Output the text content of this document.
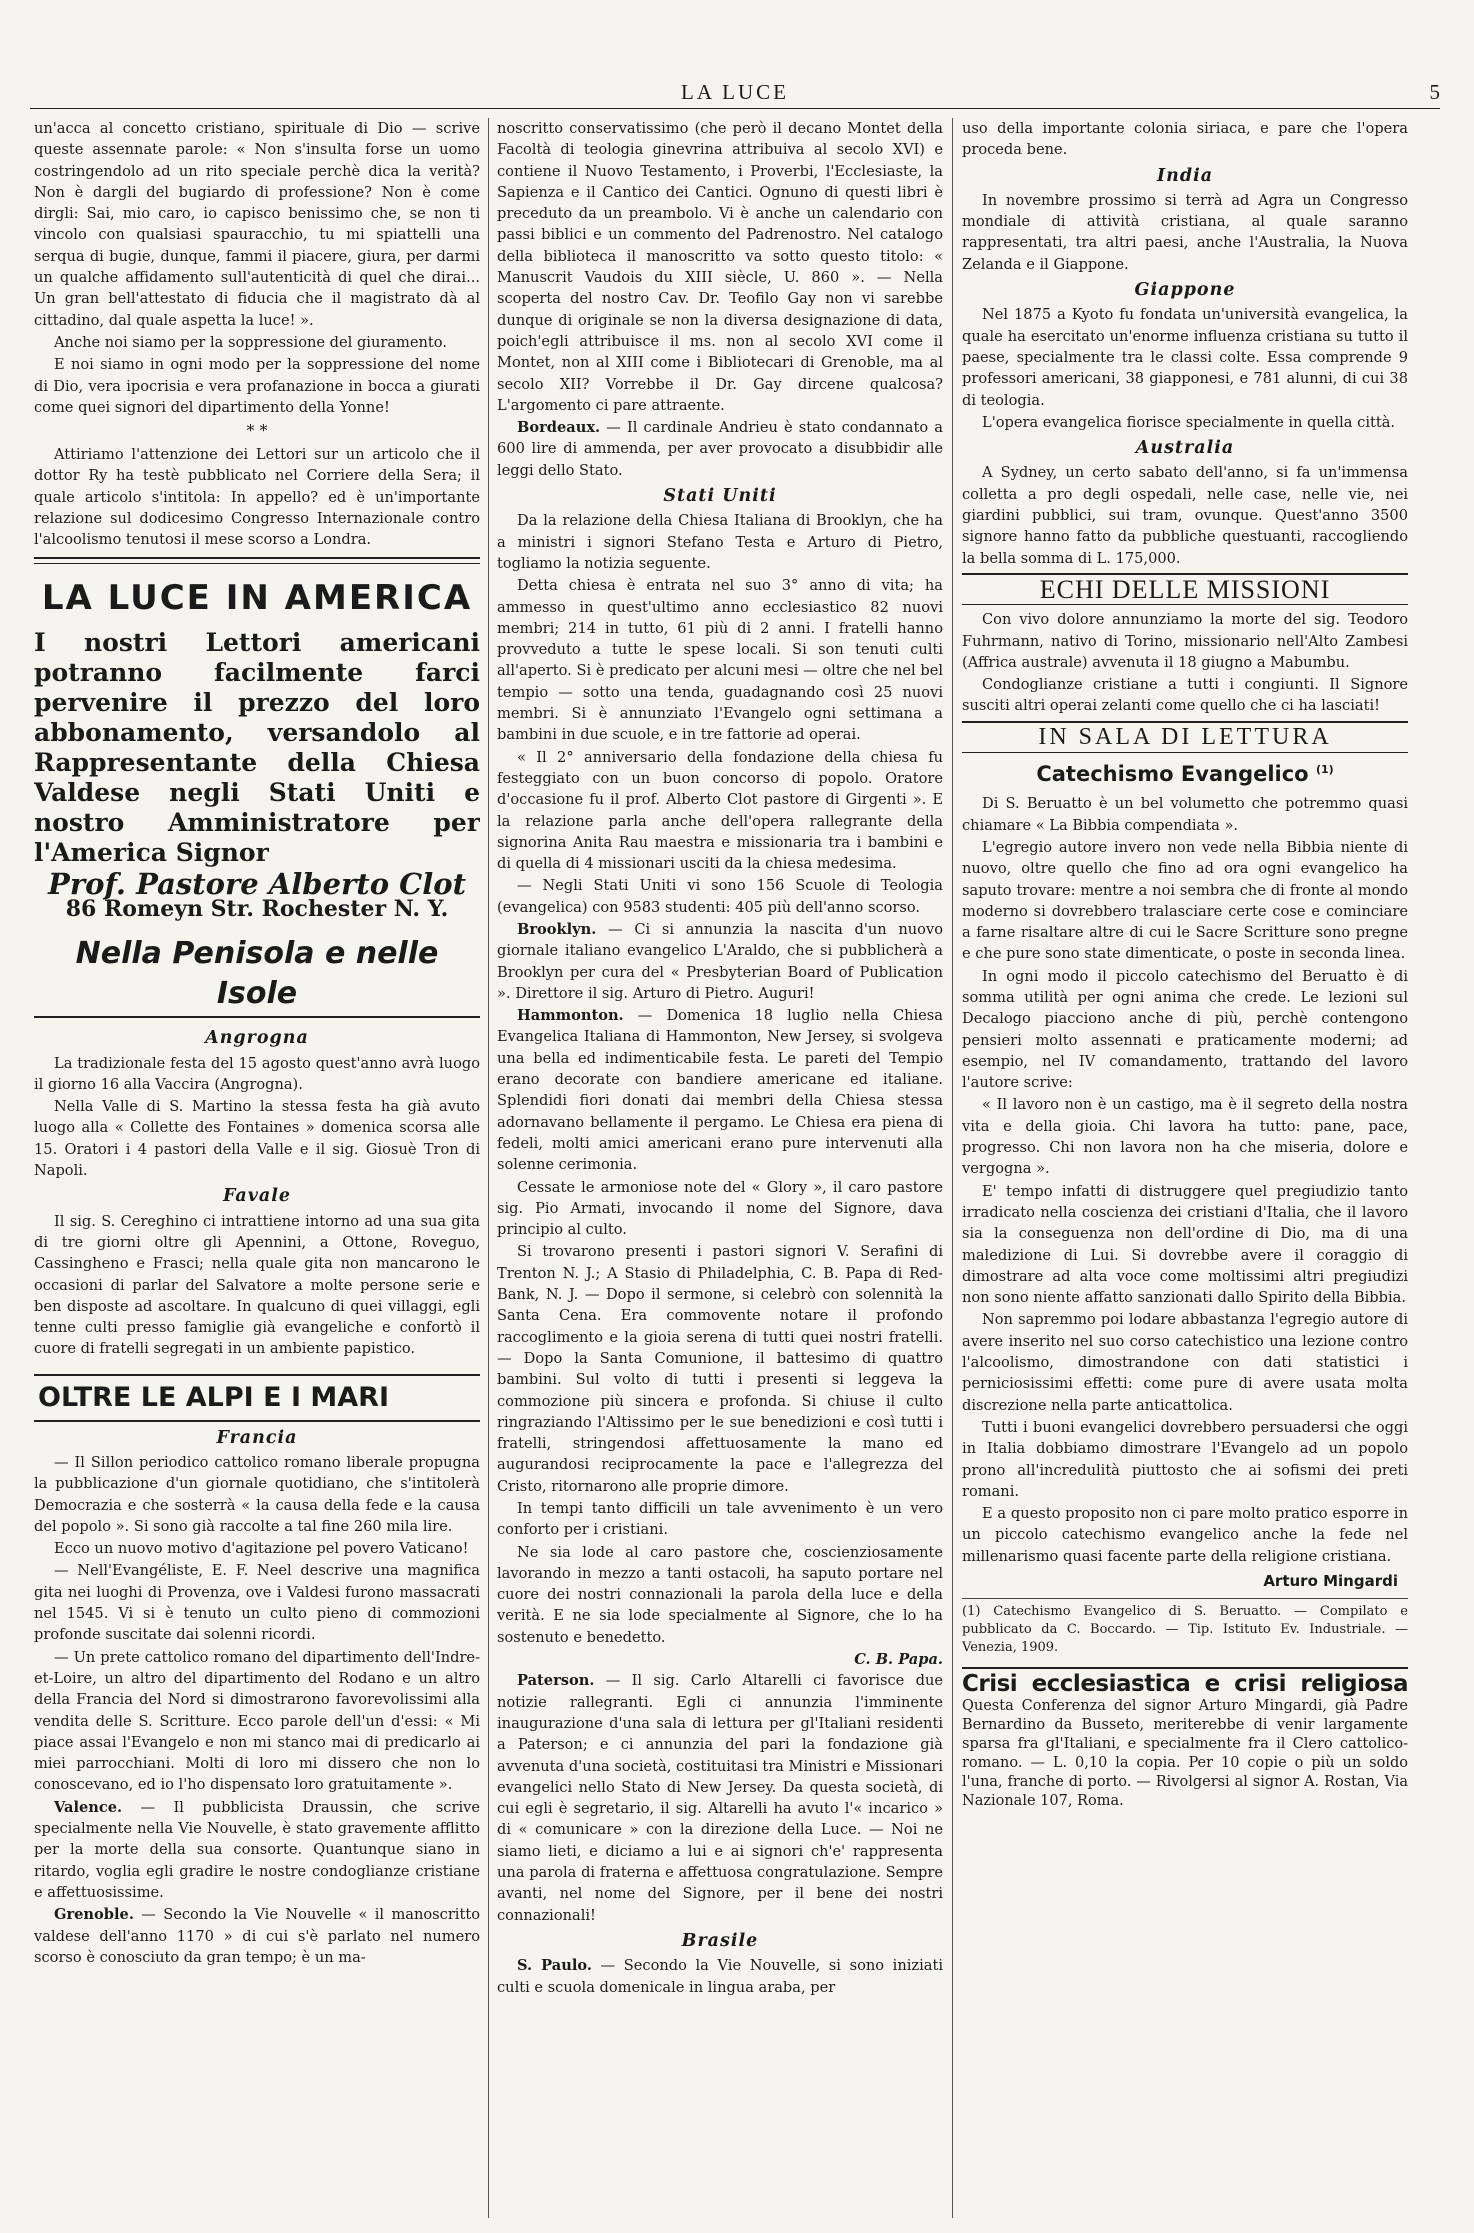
LA LUCE	5

un'acca al concetto cristiano, spirituale di Dio — scrive queste assennate parole: « Non s'insulta forse un uomo costringendolo ad un rito speciale perchè dica la verità? Non è dargli del bugiardo di professione? Non è come dirgli: Sai, mio caro, io capisco benissimo che, se non ti vincolo con qualsiasi spauracchio, tu mi spiattelli una serqua di bugie, dunque, fammi il piacere, giura, per darmi un qualche affidamento sull'autenticità di quel che dirai... Un gran bell'attestato di fiducia che il magistrato dà al cittadino, dal quale aspetta la luce! ».

Anche noi siamo per la soppressione del giuramento.

E noi siamo in ogni modo per la soppressione del nome di Dio, vera ipocrisia e vera profanazione in bocca a giurati come quei signori del dipartimento della Yonne!

* *

Attiriamo l'attenzione dei Lettori sur un articolo che il dottor Ry ha testè pubblicato nel Corriere della Sera; il quale articolo s'intitola: In appello? ed è un'importante relazione sul dodicesimo Congresso Internazionale contro l'alcoolismo tenutosi il mese scorso a Londra.

LA LUCE IN AMERICA
I nostri Lettori americani potranno facilmente farci pervenire il prezzo del loro abbonamento, versandolo al Rappresentante della Chiesa Valdese negli Stati Uniti e nostro Amministratore per l'America Signor
Prof. Pastore Alberto Clot
86 Romeyn Str. Rochester N. Y.
Nella Penisola e nelle Isole
Angrogna

La tradizionale festa del 15 agosto quest'anno avrà luogo il giorno 16 alla Vaccira (Angrogna).

Nella Valle di S. Martino la stessa festa ha già avuto luogo alla « Collette des Fontaines » domenica scorsa alle 15. Oratori i 4 pastori della Valle e il sig. Giosuè Tron di Napoli.

Favale

Il sig. S. Cereghino ci intrattiene intorno ad una sua gita di tre giorni oltre gli Apennini, a Ottone, Roveguo, Cassingheno e Frasci; nella quale gita non mancarono le occasioni di parlar del Salvatore a molte persone serie e ben disposte ad ascoltare. In qualcuno di quei villaggi, egli tenne culti presso famiglie già evangeliche e confortò il cuore di fratelli segregati in un ambiente papistico.

OLTRE LE ALPI E I MARI
Francia

— Il Sillon periodico cattolico romano liberale propugna la pubblicazione d'un giornale quotidiano, che s'intitolerà Democrazia e che sosterrà « la causa della fede e la causa del popolo ». Si sono già raccolte a tal fine 260 mila lire.

Ecco un nuovo motivo d'agitazione pel povero Vaticano!

— Nell'Evangéliste, E. F. Neel descrive una magnifica gita nei luoghi di Provenza, ove i Valdesi furono massacrati nel 1545. Vi si è tenuto un culto pieno di commozioni profonde suscitate dai solenni ricordi.

— Un prete cattolico romano del dipartimento dell'Indre-et-Loire, un altro del dipartimento del Rodano e un altro della Francia del Nord si dimostrarono favorevolissimi alla vendita delle S. Scritture. Ecco parole dell'un d'essi: « Mi piace assai l'Evangelo e non mi stanco mai di predicarlo ai miei parrocchiani. Molti di loro mi dissero che non lo conoscevano, ed io l'ho dispensato loro gratuitamente ».

Valence. — Il pubblicista Draussin, che scrive specialmente nella Vie Nouvelle, è stato gravemente afflitto per la morte della sua consorte. Quantunque siano in ritardo, voglia egli gradire le nostre condoglianze cristiane e affettuosissime.

Grenoble. — Secondo la Vie Nouvelle « il manoscritto valdese dell'anno 1170 » di cui s'è parlato nel numero scorso è conosciuto da gran tempo; è un ma-

noscritto conservatissimo (che però il decano Montet della Facoltà di teologia ginevrina attribuiva al secolo XVI) e contiene il Nuovo Testamento, i Proverbi, l'Ecclesiaste, la Sapienza e il Cantico dei Cantici. Ognuno di questi libri è preceduto da un preambolo. Vi è anche un calendario con passi biblici e un commento del Padrenostro. Nel catalogo della biblioteca il manoscritto va sotto questo titolo: « Manuscrit Vaudois du XIII siècle, U. 860 ». — Nella scoperta del nostro Cav. Dr. Teofilo Gay non vi sarebbe dunque di originale se non la diversa designazione di data, poich'egli attribuisce il ms. non al secolo XVI come il Montet, non al XIII come i Bibliotecari di Grenoble, ma al secolo XII? Vorrebbe il Dr. Gay dircene qualcosa? L'argomento ci pare attraente.

Bordeaux. — Il cardinale Andrieu è stato condannato a 600 lire di ammenda, per aver provocato a disubbidir alle leggi dello Stato.

Stati Uniti

Da la relazione della Chiesa Italiana di Brooklyn, che ha a ministri i signori Stefano Testa e Arturo di Pietro, togliamo la notizia seguente.

Detta chiesa è entrata nel suo 3° anno di vita; ha ammesso in quest'ultimo anno ecclesiastico 82 nuovi membri; 214 in tutto, 61 più di 2 anni. I fratelli hanno provveduto a tutte le spese locali. Si son tenuti culti all'aperto. Si è predicato per alcuni mesi — oltre che nel bel tempio — sotto una tenda, guadagnando così 25 nuovi membri. Si è annunziato l'Evangelo ogni settimana a bambini in due scuole, e in tre fattorie ad operai.

« Il 2° anniversario della fondazione della chiesa fu festeggiato con un buon concorso di popolo. Oratore d'occasione fu il prof. Alberto Clot pastore di Girgenti ». E la relazione parla anche dell'opera rallegrante della signorina Anita Rau maestra e missionaria tra i bambini e di quella di 4 missionari usciti da la chiesa medesima.

— Negli Stati Uniti vi sono 156 Scuole di Teologia (evangelica) con 9583 studenti: 405 più dell'anno scorso.

Brooklyn. — Ci si annunzia la nascita d'un nuovo giornale italiano evangelico L'Araldo, che si pubblicherà a Brooklyn per cura del « Presbyterian Board of Publication ». Direttore il sig. Arturo di Pietro. Auguri!

Hammonton. — Domenica 18 luglio nella Chiesa Evangelica Italiana di Hammonton, New Jersey, si svolgeva una bella ed indimenticabile festa. Le pareti del Tempio erano decorate con bandiere americane ed italiane. Splendidi fiori donati dai membri della Chiesa stessa adornavano bellamente il pergamo. Le Chiesa era piena di fedeli, molti amici americani erano pure intervenuti alla solenne cerimonia.

Cessate le armoniose note del « Glory », il caro pastore sig. Pio Armati, invocando il nome del Signore, dava principio al culto.

Si trovarono presenti i pastori signori V. Serafini di Trenton N. J.; A Stasio di Philadelphia, C. B. Papa di Red-Bank, N. J. — Dopo il sermone, si celebrò con solennità la Santa Cena. Era commovente notare il profondo raccoglimento e la gioia serena di tutti quei nostri fratelli. — Dopo la Santa Comunione, il battesimo di quattro bambini. Sul volto di tutti i presenti si leggeva la commozione più sincera e profonda. Si chiuse il culto ringraziando l'Altissimo per le sue benedizioni e così tutti i fratelli, stringendosi affettuosamente la mano ed augurandosi reciprocamente la pace e l'allegrezza del Cristo, ritornarono alle proprie dimore.

In tempi tanto difficili un tale avvenimento è un vero conforto per i cristiani.

Ne sia lode al caro pastore che, coscienziosamente lavorando in mezzo a tanti ostacoli, ha saputo portare nel cuore dei nostri connazionali la parola della luce e della verità. E ne sia lode specialmente al Signore, che lo ha sostenuto e benedetto.

C. B. Papa.

Paterson. — Il sig. Carlo Altarelli ci favorisce due notizie rallegranti. Egli ci annunzia l'imminente inaugurazione d'una sala di lettura per gl'Italiani residenti a Paterson; e ci annunzia del pari la fondazione già avvenuta d'una società, costituitasi tra Ministri e Missionari evangelici nello Stato di New Jersey. Da questa società, di cui egli è segretario, il sig. Altarelli ha avuto l'« incarico » di « comunicare » con la direzione della Luce. — Noi ne siamo lieti, e diciamo a lui e ai signori ch'e' rappresenta una parola di fraterna e affettuosa congratulazione. Sempre avanti, nel nome del Signore, per il bene dei nostri connazionali!

Brasile

S. Paulo. — Secondo la Vie Nouvelle, si sono iniziati culti e scuola domenicale in lingua araba, per

uso della importante colonia siriaca, e pare che l'opera proceda bene.

India

In novembre prossimo si terrà ad Agra un Congresso mondiale di attività cristiana, al quale saranno rappresentati, tra altri paesi, anche l'Australia, la Nuova Zelanda e il Giappone.

Giappone

Nel 1875 a Kyoto fu fondata un'università evangelica, la quale ha esercitato un'enorme influenza cristiana su tutto il paese, specialmente tra le classi colte. Essa comprende 9 professori americani, 38 giapponesi, e 781 alunni, di cui 38 di teologia.

L'opera evangelica fiorisce specialmente in quella città.

Australia

A Sydney, un certo sabato dell'anno, si fa un'immensa colletta a pro degli ospedali, nelle case, nelle vie, nei giardini pubblici, sui tram, ovunque. Quest'anno 3500 signore hanno fatto da pubbliche questuanti, raccogliendo la bella somma di L. 175,000.

ECHI DELLE MISSIONI

Con vivo dolore annunziamo la morte del sig. Teodoro Fuhrmann, nativo di Torino, missionario nell'Alto Zambesi (Affrica australe) avvenuta il 18 giugno a Mabumbu.

Condoglianze cristiane a tutti i congiunti. Il Signore susciti altri operai zelanti come quello che ci ha lasciati!

IN SALA DI LETTURA
Catechismo Evangelico $^{(1)}$

Di S. Beruatto è un bel volumetto che potremmo quasi chiamare « La Bibbia compendiata ».

L'egregio autore invero non vede nella Bibbia niente di nuovo, oltre quello che fino ad ora ogni evangelico ha saputo trovare: mentre a noi sembra che di fronte al mondo moderno si dovrebbero tralasciare certe cose e cominciare a farne risaltare altre di cui le Sacre Scritture sono pregne e che pure sono state dimenticate, o poste in seconda linea.

In ogni modo il piccolo catechismo del Beruatto è di somma utilità per ogni anima che crede. Le lezioni sul Decalogo piacciono anche di più, perchè contengono pensieri molto assennati e praticamente moderni; ad esempio, nel IV comandamento, trattando del lavoro l'autore scrive:

« Il lavoro non è un castigo, ma è il segreto della nostra vita e della gioia. Chi lavora ha tutto: pane, pace, progresso. Chi non lavora non ha che miseria, dolore e vergogna ».

E' tempo infatti di distruggere quel pregiudizio tanto irradicato nella coscienza dei cristiani d'Italia, che il lavoro sia la conseguenza non dell'ordine di Dio, ma di una maledizione di Lui. Si dovrebbe avere il coraggio di dimostrare ad alta voce come moltissimi altri pregiudizi non sono niente affatto sanzionati dallo Spirito della Bibbia.

Non sapremmo poi lodare abbastanza l'egregio autore di avere inserito nel suo corso catechistico una lezione contro l'alcoolismo, dimostrandone con dati statistici i perniciosissimi effetti: come pure di avere usata molta discrezione nella parte anticattolica.

Tutti i buoni evangelici dovrebbero persuadersi che oggi in Italia dobbiamo dimostrare l'Evangelo ad un popolo prono all'incredulità piuttosto che ai sofismi dei preti romani.

E a questo proposito non ci pare molto pratico esporre in un piccolo catechismo evangelico anche la fede nel millenarismo quasi facente parte della religione cristiana.

Arturo Mingardi
(1) Catechismo Evangelico di S. Beruatto. — Compilato e pubblicato da C. Boccardo. — Tip. Istituto Ev. Industriale. — Venezia, 1909.
Crisi ecclesiastica e crisi religiosa Questa Conferenza del signor Arturo Mingardi, già Padre Bernardino da Busseto, meriterebbe di venir largamente sparsa fra gl'Italiani, e specialmente fra il Clero cattolico-romano. — L. 0,10 la copia. Per 10 copie o più un soldo l'una, franche di porto. — Rivolgersi al signor A. Rostan, Via Nazionale 107, Roma.
